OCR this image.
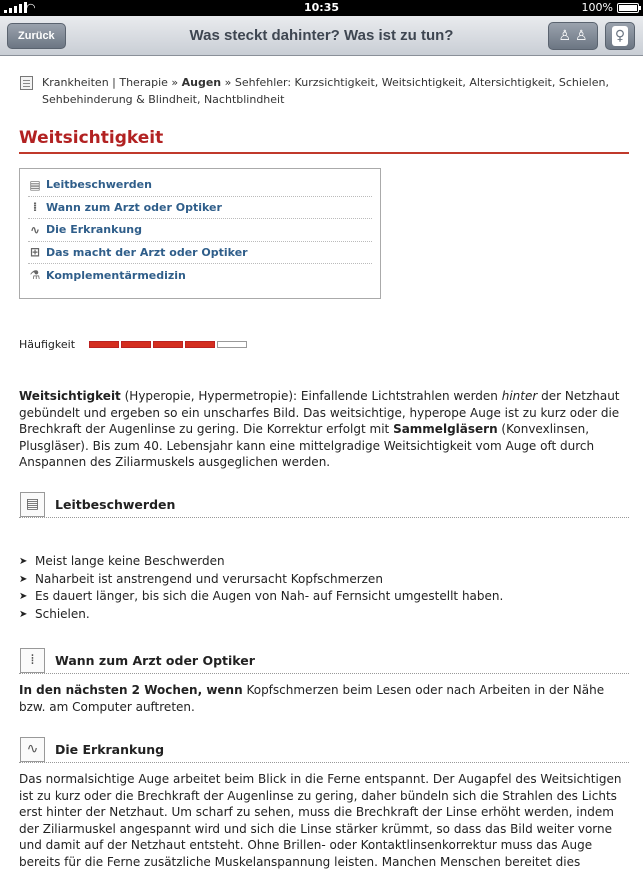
◠	10:35	100%
Zurück	Was steckt dahinter? Was ist zu tun?	♙ ♙ ♀
Krankheiten | Therapie » Augen » Sehfehler: Kurzsichtigkeit, Weitsichtigkeit, Altersichtigkeit, Schielen, Sehbehinderung & Blindheit, Nachtblindheit
Weitsichtigkeit
▤ Leitbeschwerden
⁞ Wann zum Arzt oder Optiker
∿ Die Erkrankung
⊞ Das macht der Arzt oder Optiker
⚗ Komplementärmedizin
Häufigkeit

Weitsichtigkeit (Hyperopie, Hypermetropie): Einfallende Lichtstrahlen werden hinter der Netzhaut gebündelt und ergeben so ein unscharfes Bild. Das weitsichtige, hyperope Auge ist zu kurz oder die Brechkraft der Augenlinse zu gering. Die Korrektur erfolgt mit Sammelgläsern (Konvexlinsen, Plusgläser). Bis zum 40. Lebensjahr kann eine mittelgradige Weitsichtigkeit vom Auge oft durch Anspannen des Ziliarmuskels ausgeglichen werden.

▤	Leitbeschwerden
➤ Meist lange keine Beschwerden
➤ Naharbeit ist anstrengend und verursacht Kopfschmerzen
➤ Es dauert länger, bis sich die Augen von Nah- auf Fernsicht umgestellt haben.
➤ Schielen.
⁞	Wann zum Arzt oder Optiker

In den nächsten 2 Wochen, wenn Kopfschmerzen beim Lesen oder nach Arbeiten in der Nähe bzw. am Computer auftreten.

∿	Die Erkrankung

Das normalsichtige Auge arbeitet beim Blick in die Ferne entspannt. Der Augapfel des Weitsichtigen ist zu kurz oder die Brechkraft der Augenlinse zu gering, daher bündeln sich die Strahlen des Lichts erst hinter der Netzhaut. Um scharf zu sehen, muss die Brechkraft der Linse erhöht werden, indem der Ziliarmuskel angespannt wird und sich die Linse stärker krümmt, so dass das Bild weiter vorne und damit auf der Netzhaut entsteht. Ohne Brillen- oder Kontaktlinsenkorrektur muss das Auge bereits für die Ferne zusätzliche Muskelanspannung leisten. Manchen Menschen bereitet dies
